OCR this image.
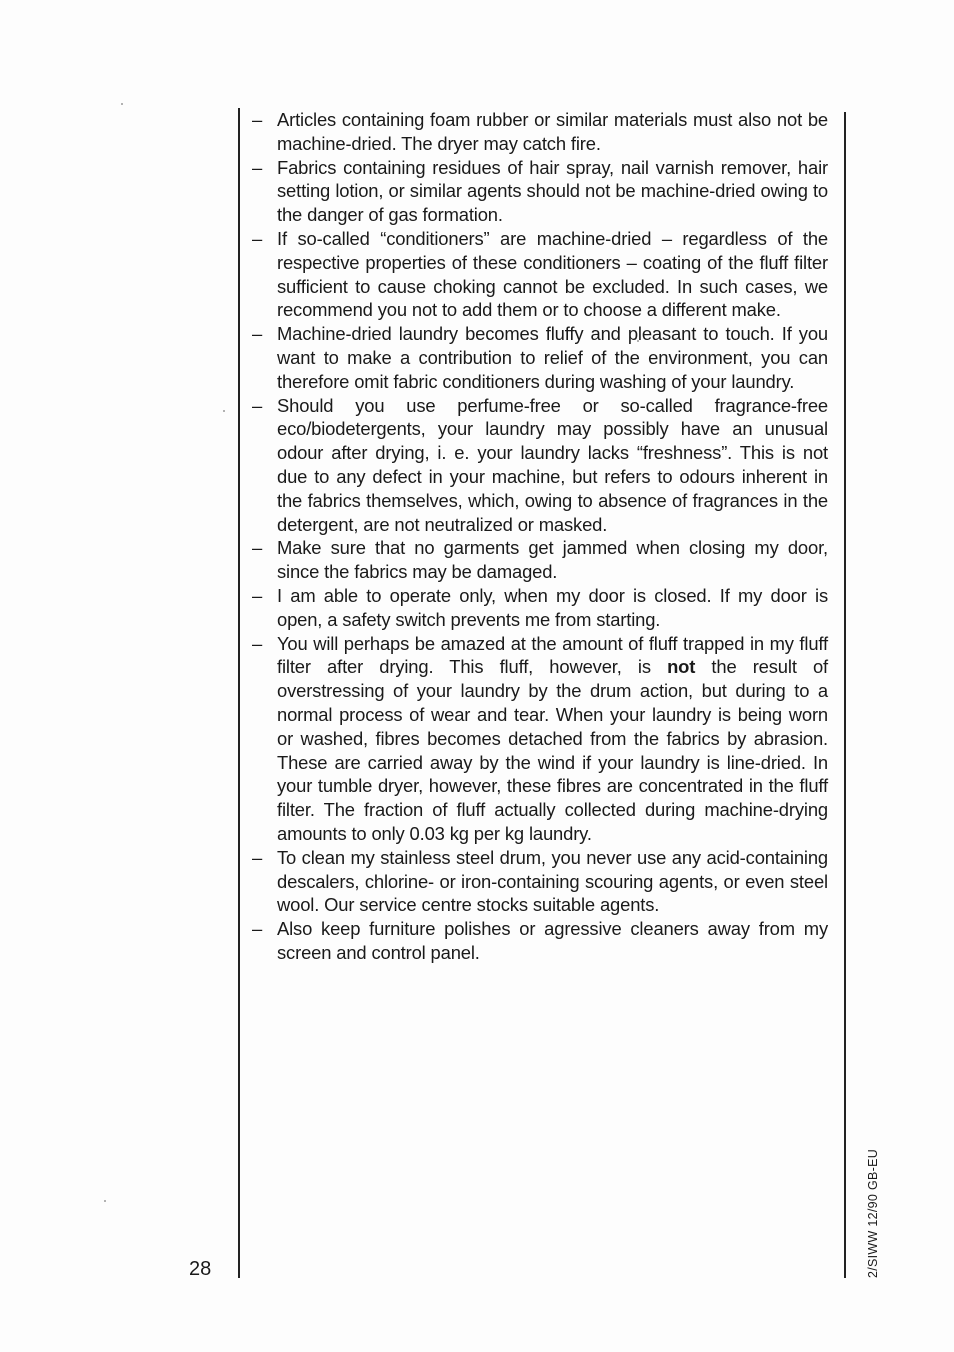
– Articles containing foam rubber or similar materials must also not be machine-dried. The dryer may catch fire.
– Fabrics containing residues of hair spray, nail varnish remover, hair setting lotion, or similar agents should not be machine-dried owing to the danger of gas formation.
– If so-called “conditioners” are machine-dried – regardless of the respective properties of these conditioners – coating of the fluff filter sufficient to cause choking cannot be excluded. In such cases, we recommend you not to add them or to choose a different make.
– Machine-dried laundry becomes fluffy and pleasant to touch. If you want to make a contribution to relief of the environment, you can therefore omit fabric conditioners during washing of your laundry.
– Should you use perfume-free or so-called fragrance-free eco/biodetergents, your laundry may possibly have an unusual odour after drying, i. e. your laundry lacks “freshness”. This is not due to any defect in your machine, but refers to odours inherent in the fabrics themselves, which, owing to absence of fragrances in the detergent, are not neutralized or masked.
– Make sure that no garments get jammed when closing my door, since the fabrics may be damaged.
– I am able to operate only, when my door is closed. If my door is open, a safety switch prevents me from starting.
– You will perhaps be amazed at the amount of fluff trapped in my fluff filter after drying. This fluff, however, is not the result of overstressing of your laundry by the drum action, but during to a normal process of wear and tear. When your laundry is being worn or washed, fibres becomes detached from the fabrics by abrasion. These are carried away by the wind if your laundry is line-dried. In your tumble dryer, however, these fibres are concentrated in the fluff filter. The fraction of fluff actually collected during machine-drying amounts to only 0.03 kg per kg laundry.
– To clean my stainless steel drum, you never use any acid-containing descalers, chlorine- or iron-containing scouring agents, or even steel wool. Our service centre stocks suitable agents.
– Also keep furniture polishes or agressive cleaners away from my screen and control panel.
28	2/SIWW 12/90 GB-EU
